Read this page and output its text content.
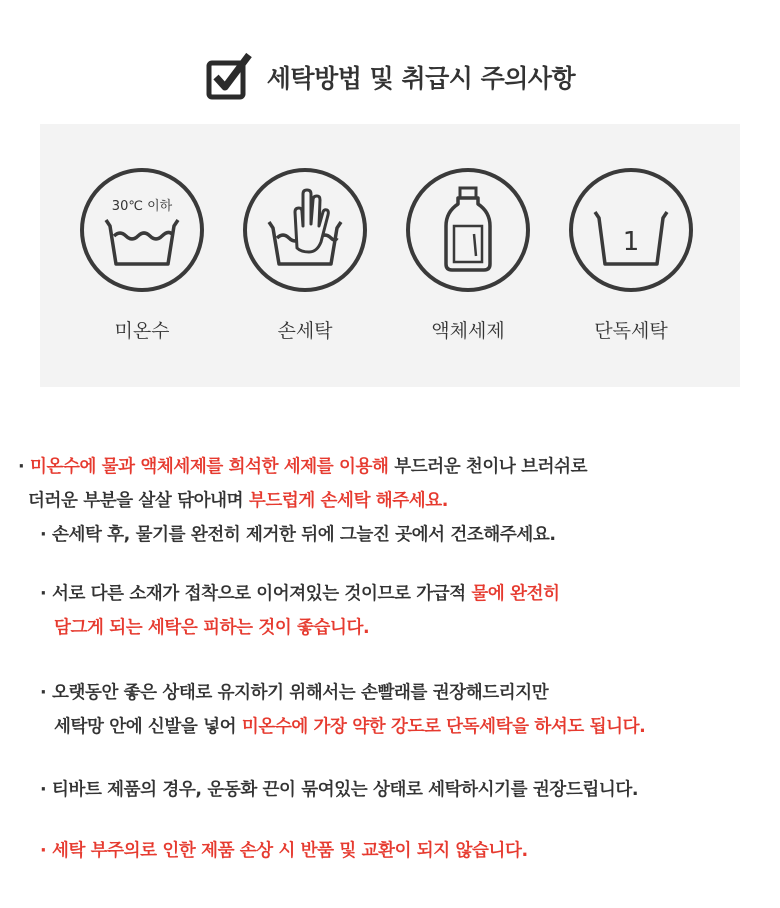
세탁방법 및 취급시 주의사항
30℃ 이하
미온수	손세탁	액체세제
1
단독세탁
· 미온수에 물과 액체세제를 희석한 세제를 이용해 부드러운 천이나 브러쉬로
더러운 부분을 살살 닦아내며 부드럽게 손세탁 해주세요.
· 손세탁 후, 물기를 완전히 제거한 뒤에 그늘진 곳에서 건조해주세요.
· 서로 다른 소재가 접착으로 이어져있는 것이므로 가급적 물에 완전히
담그게 되는 세탁은 피하는 것이 좋습니다.
· 오랫동안 좋은 상태로 유지하기 위해서는 손빨래를 권장해드리지만
세탁망 안에 신발을 넣어 미온수에 가장 약한 강도로 단독세탁을 하셔도 됩니다.
· 티바트 제품의 경우, 운동화 끈이 묶여있는 상태로 세탁하시기를 권장드립니다.
· 세탁 부주의로 인한 제품 손상 시 반품 및 교환이 되지 않습니다.
